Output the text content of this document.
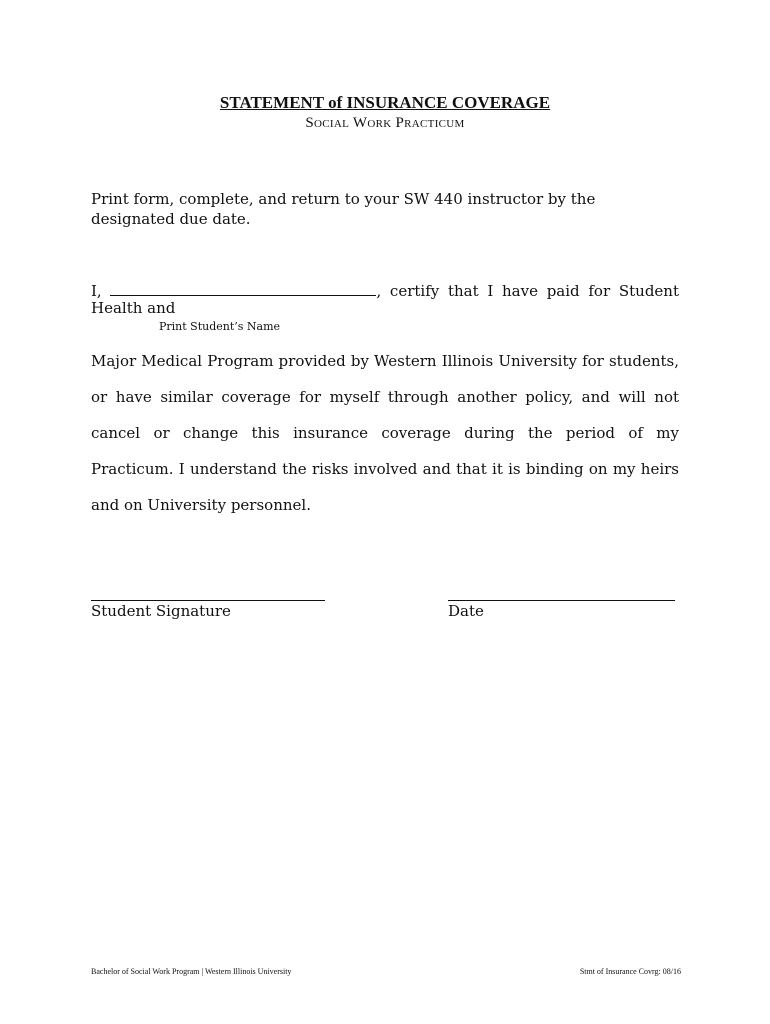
STATEMENT of INSURANCE COVERAGE
Social Work Practicum
Print form, complete, and return to your SW 440 instructor by the
designated due date.
I,	, certify that I have paid for Student Health and
Print Student’s Name
Major Medical Program provided by Western Illinois University for students, or have similar coverage for myself through another policy, and will not cancel or change this insurance coverage during the period of my Practicum. I understand the risks involved and that it is binding on my heirs and on University personnel.
Student Signature	Date
Bachelor of Social Work Program | Western Illinois University	Stmt of Insurance Covrg: 08/16
